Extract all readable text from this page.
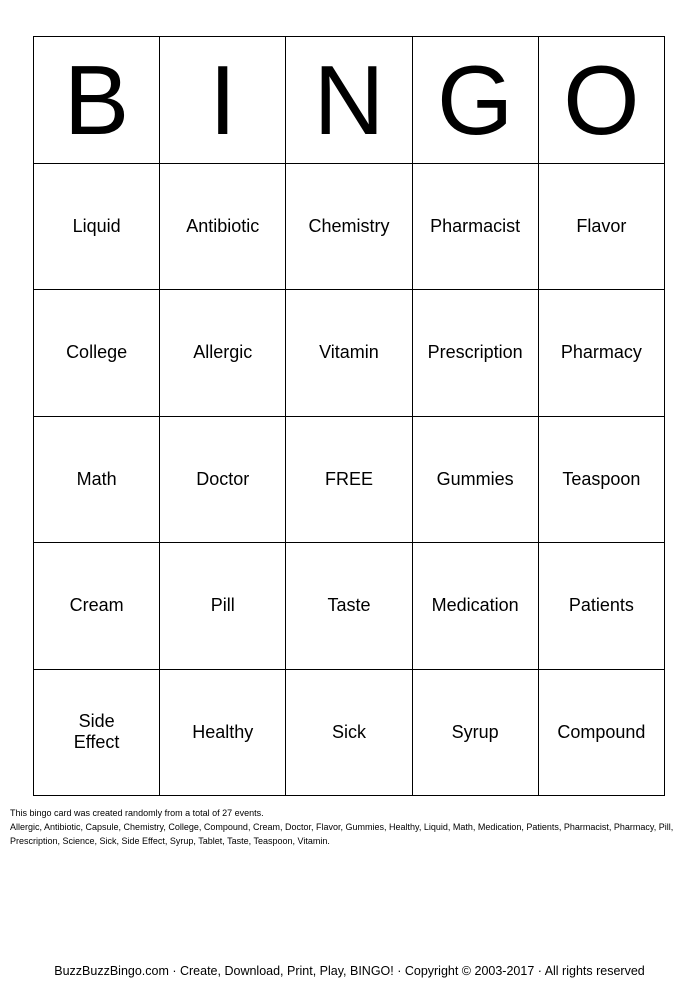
B	I	N	G	O
Liquid	Antibiotic	Chemistry	Pharmacist	Flavor
College	Allergic	Vitamin	Prescription	Pharmacy
Math	Doctor	FREE	Gummies	Teaspoon
Cream	Pill	Taste	Medication	Patients
Side
Effect	Healthy	Sick	Syrup	Compound

This bingo card was created randomly from a total of 27 events.

Allergic, Antibiotic, Capsule, Chemistry, College, Compound, Cream, Doctor, Flavor, Gummies, Healthy, Liquid, Math, Medication, Patients, Pharmacist, Pharmacy, Pill, Prescription, Science, Sick, Side Effect, Syrup, Tablet, Taste, Teaspoon, Vitamin.

BuzzBuzzBingo.com · Create, Download, Print, Play, BINGO! · Copyright © 2003-2017 · All rights reserved
